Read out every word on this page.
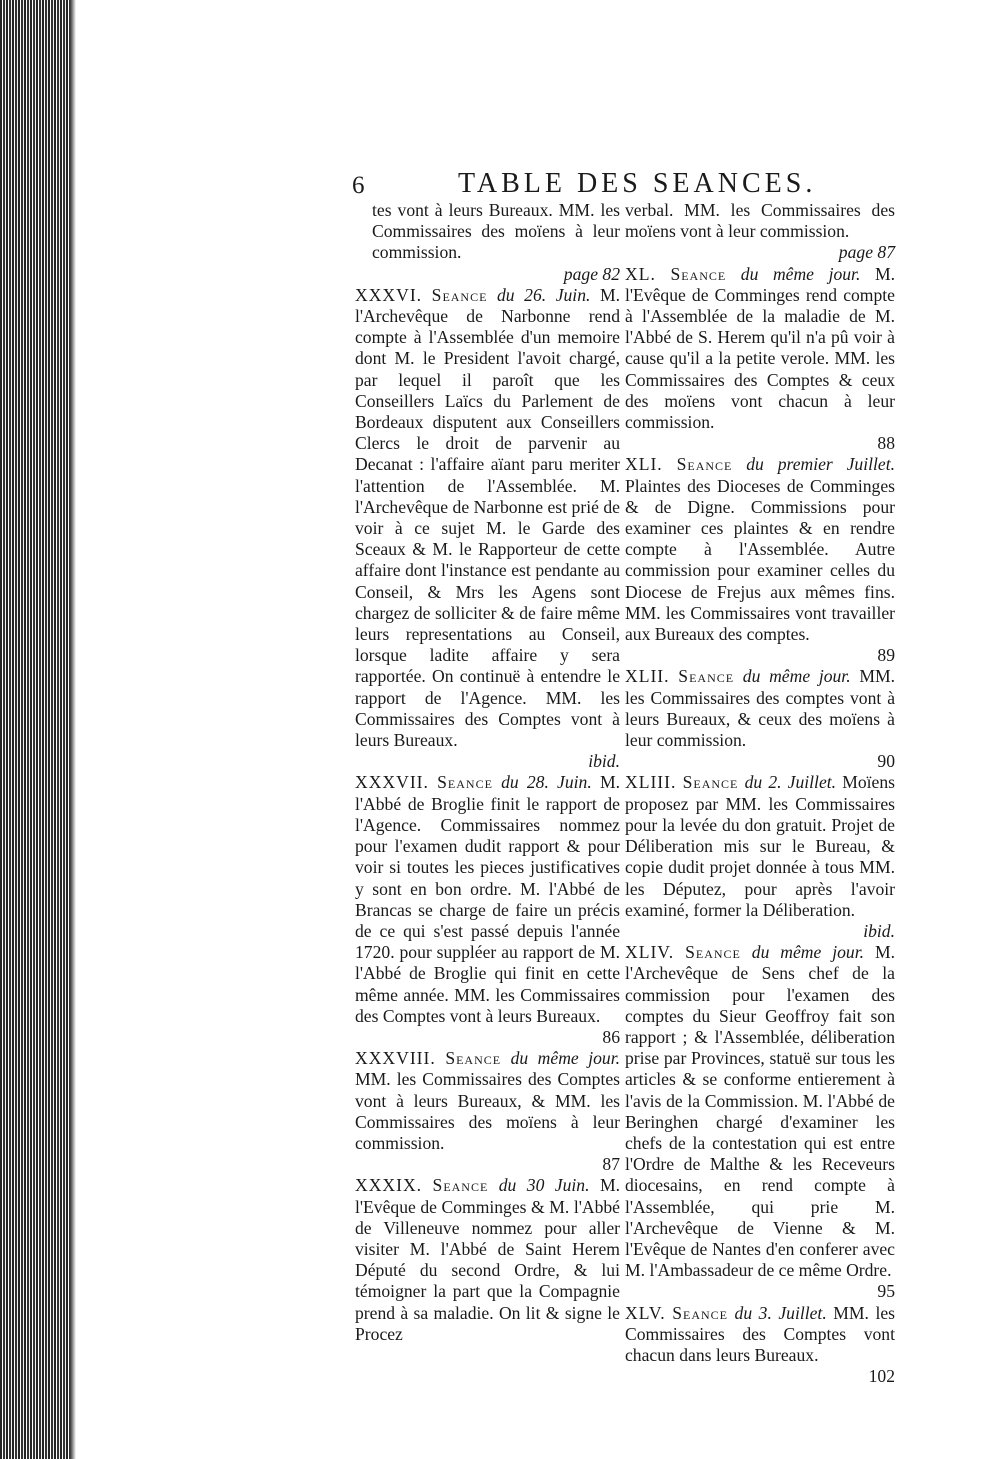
6	TABLE DES SEANCES.

tes vont à leurs Bureaux. MM. les Commissaires des moïens à leur commission.
page 82

XXXVI. Seance du 26. Juin. M. l'Archevêque de Narbonne rend compte à l'Assemblée d'un memoire dont M. le President l'avoit chargé, par lequel il paroît que les Conseillers Laïcs du Parlement de Bordeaux disputent aux Conseillers Clercs le droit de parvenir au Decanat : l'affaire aïant paru meriter l'attention de l'Assemblée. M. l'Archevêque de Narbonne est prié de voir à ce sujet M. le Garde des Sceaux & M. le Rapporteur de cette affaire dont l'instance est pendante au Conseil, & Mrs les Agens sont chargez de solliciter & de faire même leurs representations au Conseil, lorsque ladite affaire y sera rapportée. On continuë à entendre le rapport de l'Agence. MM. les Commissaires des Comptes vont à leurs Bureaux.
ibid.

XXXVII. Seance du 28. Juin. M. l'Abbé de Broglie finit le rapport de l'Agence. Commissaires nommez pour l'examen dudit rapport & pour voir si toutes les pieces justificatives y sont en bon ordre. M. l'Abbé de Brancas se charge de faire un précis de ce qui s'est passé depuis l'année 1720. pour suppléer au rapport de M. l'Abbé de Broglie qui finit en cette même année. MM. les Commissaires des Comptes vont à leurs Bureaux.
86

XXXVIII. Seance du même jour. MM. les Commissaires des Comptes vont à leurs Bureaux, & MM. les Commissaires des moïens à leur commission.
87

XXXIX. Seance du 30 Juin. M. l'Evêque de Comminges & M. l'Abbé de Villeneuve nommez pour aller visiter M. l'Abbé de Saint Herem Député du second Ordre, & lui témoigner la part que la Compagnie prend à sa maladie. On lit & signe le Procez

verbal. MM. les Commissaires des moïens vont à leur commission.
page 87

XL. Seance du même jour. M. l'Evêque de Comminges rend compte à l'Assemblée de la maladie de M. l'Abbé de S. Herem qu'il n'a pû voir à cause qu'il a la petite verole. MM. les Commissaires des Comptes & ceux des moïens vont chacun à leur commission.
88

XLI. Seance du premier Juillet. Plaintes des Dioceses de Comminges & de Digne. Commissions pour examiner ces plaintes & en rendre compte à l'Assemblée. Autre commission pour examiner celles du Diocese de Frejus aux mêmes fins. MM. les Commissaires vont travailler aux Bureaux des comptes.
89

XLII. Seance du même jour. MM. les Commissaires des comptes vont à leurs Bureaux, & ceux des moïens à leur commission.
90

XLIII. Seance du 2. Juillet. Moïens proposez par MM. les Commissaires pour la levée du don gratuit. Projet de Déliberation mis sur le Bureau, & copie dudit projet donnée à tous MM. les Députez, pour après l'avoir examiné, former la Déliberation.
ibid.

XLIV. Seance du même jour. M. l'Archevêque de Sens chef de la commission pour l'examen des comptes du Sieur Geoffroy fait son rapport ; & l'Assemblée, déliberation prise par Provinces, statuë sur tous les articles & se conforme entierement à l'avis de la Commission. M. l'Abbé de Beringhen chargé d'examiner les chefs de la contestation qui est entre l'Ordre de Malthe & les Receveurs diocesains, en rend compte à l'Assemblée, qui prie M. l'Archevêque de Vienne & M. l'Evêque de Nantes d'en conferer avec M. l'Ambassadeur de ce même Ordre.
95

XLV. Seance du 3. Juillet. MM. les Commissaires des Comptes vont chacun dans leurs Bureaux.
102
